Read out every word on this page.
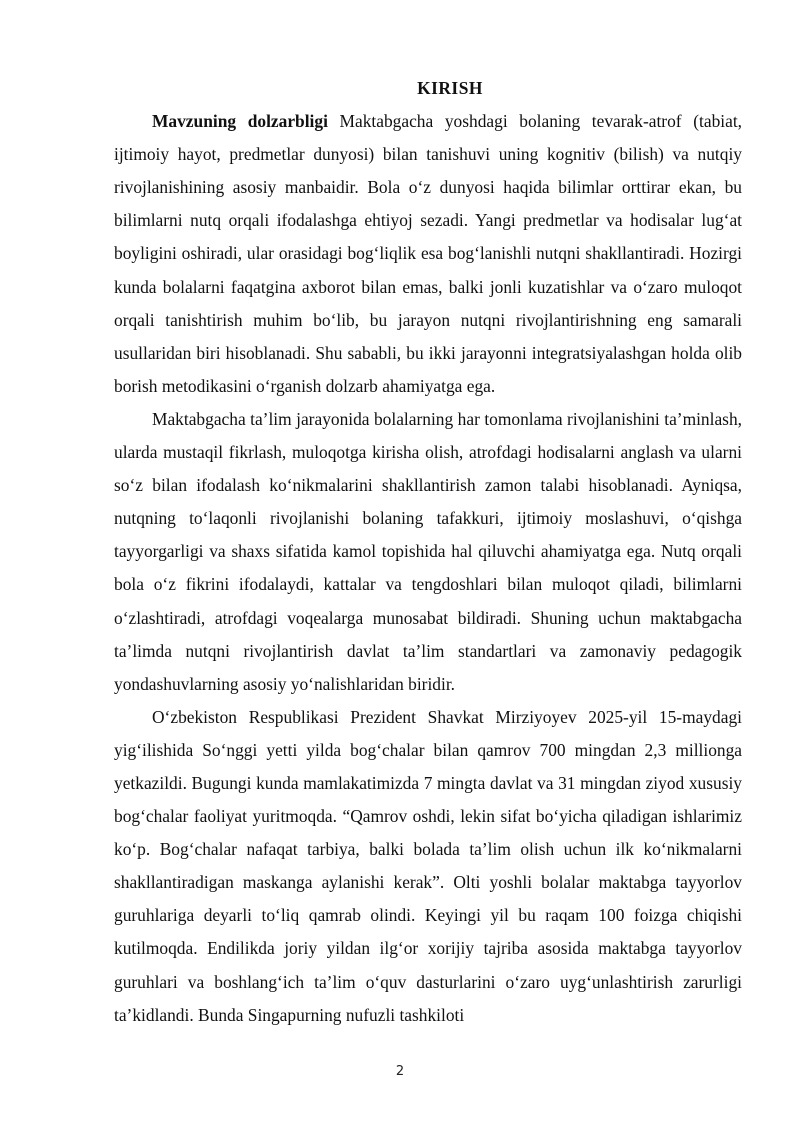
KIRISH

Mavzuning dolzarbligi Maktabgacha yoshdagi bolaning tevarak-atrof (tabiat, ijtimoiy hayot, predmetlar dunyosi) bilan tanishuvi uning kognitiv (bilish) va nutqiy rivojlanishining asosiy manbaidir. Bola oʻz dunyosi haqida bilimlar orttirar ekan, bu bilimlarni nutq orqali ifodalashga ehtiyoj sezadi. Yangi predmetlar va hodisalar lugʻat boyligini oshiradi, ular orasidagi bogʻliqlik esa bogʻlanishli nutqni shakllantiradi. Hozirgi kunda bolalarni faqatgina axborot bilan emas, balki jonli kuzatishlar va oʻzaro muloqot orqali tanishtirish muhim boʻlib, bu jarayon nutqni rivojlantirishning eng samarali usullaridan biri hisoblanadi. Shu sababli, bu ikki jarayonni integratsiyalashgan holda olib borish metodikasini oʻrganish dolzarb ahamiyatga ega.

Maktabgacha taʼlim jarayonida bolalarning har tomonlama rivojlanishini taʼminlash, ularda mustaqil fikrlash, muloqotga kirisha olish, atrofdagi hodisalarni anglash va ularni soʻz bilan ifodalash koʻnikmalarini shakllantirish zamon talabi hisoblanadi. Ayniqsa, nutqning toʻlaqonli rivojlanishi bolaning tafakkuri, ijtimoiy moslashuvi, oʻqishga tayyorgarligi va shaxs sifatida kamol topishida hal qiluvchi ahamiyatga ega. Nutq orqali bola oʻz fikrini ifodalaydi, kattalar va tengdoshlari bilan muloqot qiladi, bilimlarni oʻzlashtiradi, atrofdagi voqealarga munosabat bildiradi. Shuning uchun maktabgacha taʼlimda nutqni rivojlantirish davlat taʼlim standartlari va zamonaviy pedagogik yondashuvlarning asosiy yoʻnalishlaridan biridir.

Oʻzbekiston Respublikasi Prezident Shavkat Mirziyoyev 2025-yil 15-maydagi yigʻilishida Soʻnggi yetti yilda bogʻchalar bilan qamrov 700 mingdan 2,3 millionga yetkazildi. Bugungi kunda mamlakatimizda 7 mingta davlat va 31 mingdan ziyod xususiy bogʻchalar faoliyat yuritmoqda. “Qamrov oshdi, lekin sifat boʻyicha qiladigan ishlarimiz koʻp. Bogʻchalar nafaqat tarbiya, balki bolada taʼlim olish uchun ilk koʻnikmalarni shakllantiradigan maskanga aylanishi kerak”. Olti yoshli bolalar maktabga tayyorlov guruhlariga deyarli toʻliq qamrab olindi. Keyingi yil bu raqam 100 foizga chiqishi kutilmoqda. Endilikda joriy yildan ilgʻor xorijiy tajriba asosida maktabga tayyorlov guruhlari va boshlangʻich taʼlim oʻquv dasturlarini oʻzaro uygʻunlashtirish zarurligi taʼkidlandi. Bunda Singapurning nufuzli tashkiloti

2
